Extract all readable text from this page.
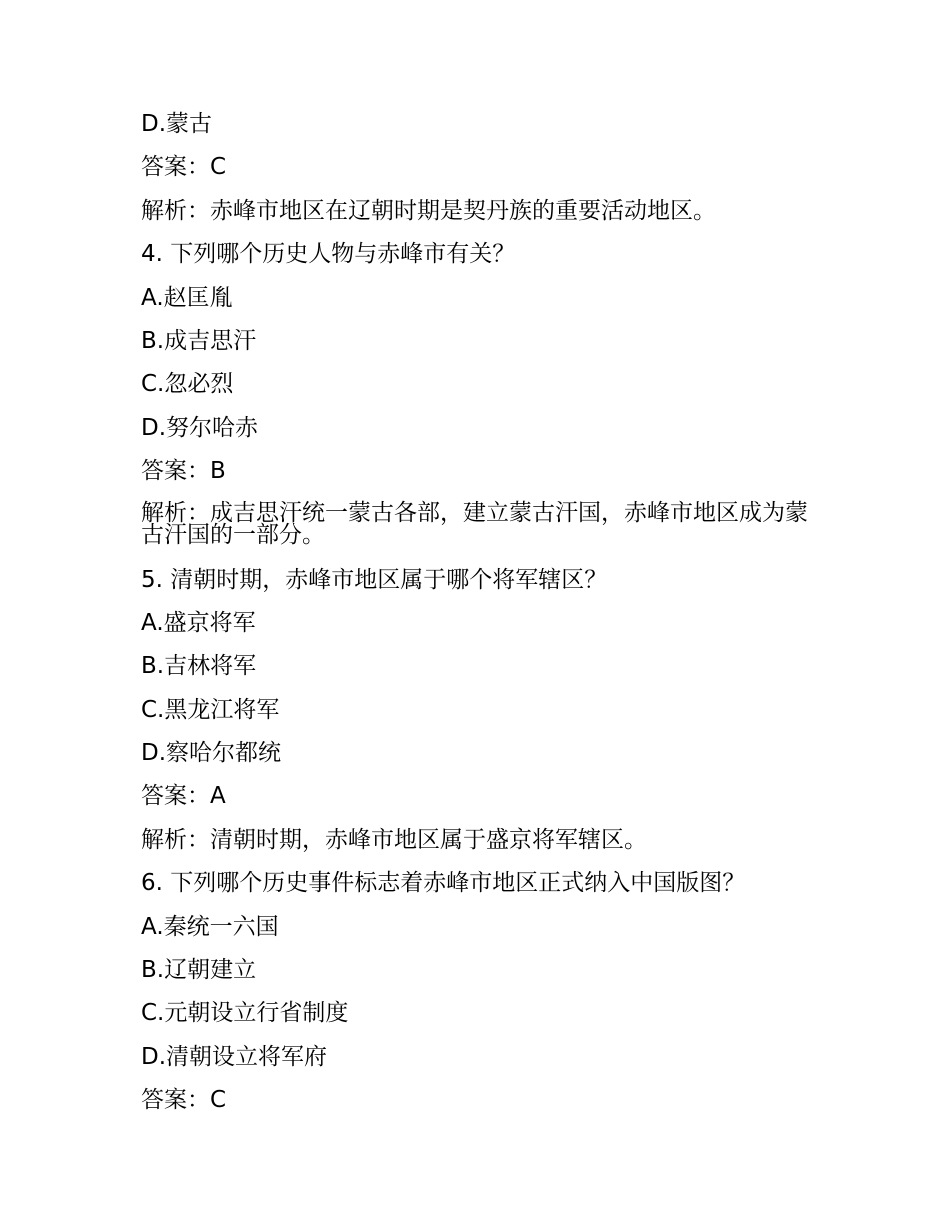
D.蒙古

答案：C

解析：赤峰市地区在辽朝时期是契丹族的重要活动地区。

4. 下列哪个历史人物与赤峰市有关？

A.赵匡胤

B.成吉思汗

C.忽必烈

D.努尔哈赤

答案：B

解析：成吉思汗统一蒙古各部，建立蒙古汗国，赤峰市地区成为蒙古汗国的一部分。

5. 清朝时期，赤峰市地区属于哪个将军辖区？

A.盛京将军

B.吉林将军

C.黑龙江将军

D.察哈尔都统

答案：A

解析：清朝时期，赤峰市地区属于盛京将军辖区。

6. 下列哪个历史事件标志着赤峰市地区正式纳入中国版图？

A.秦统一六国

B.辽朝建立

C.元朝设立行省制度

D.清朝设立将军府

答案：C
